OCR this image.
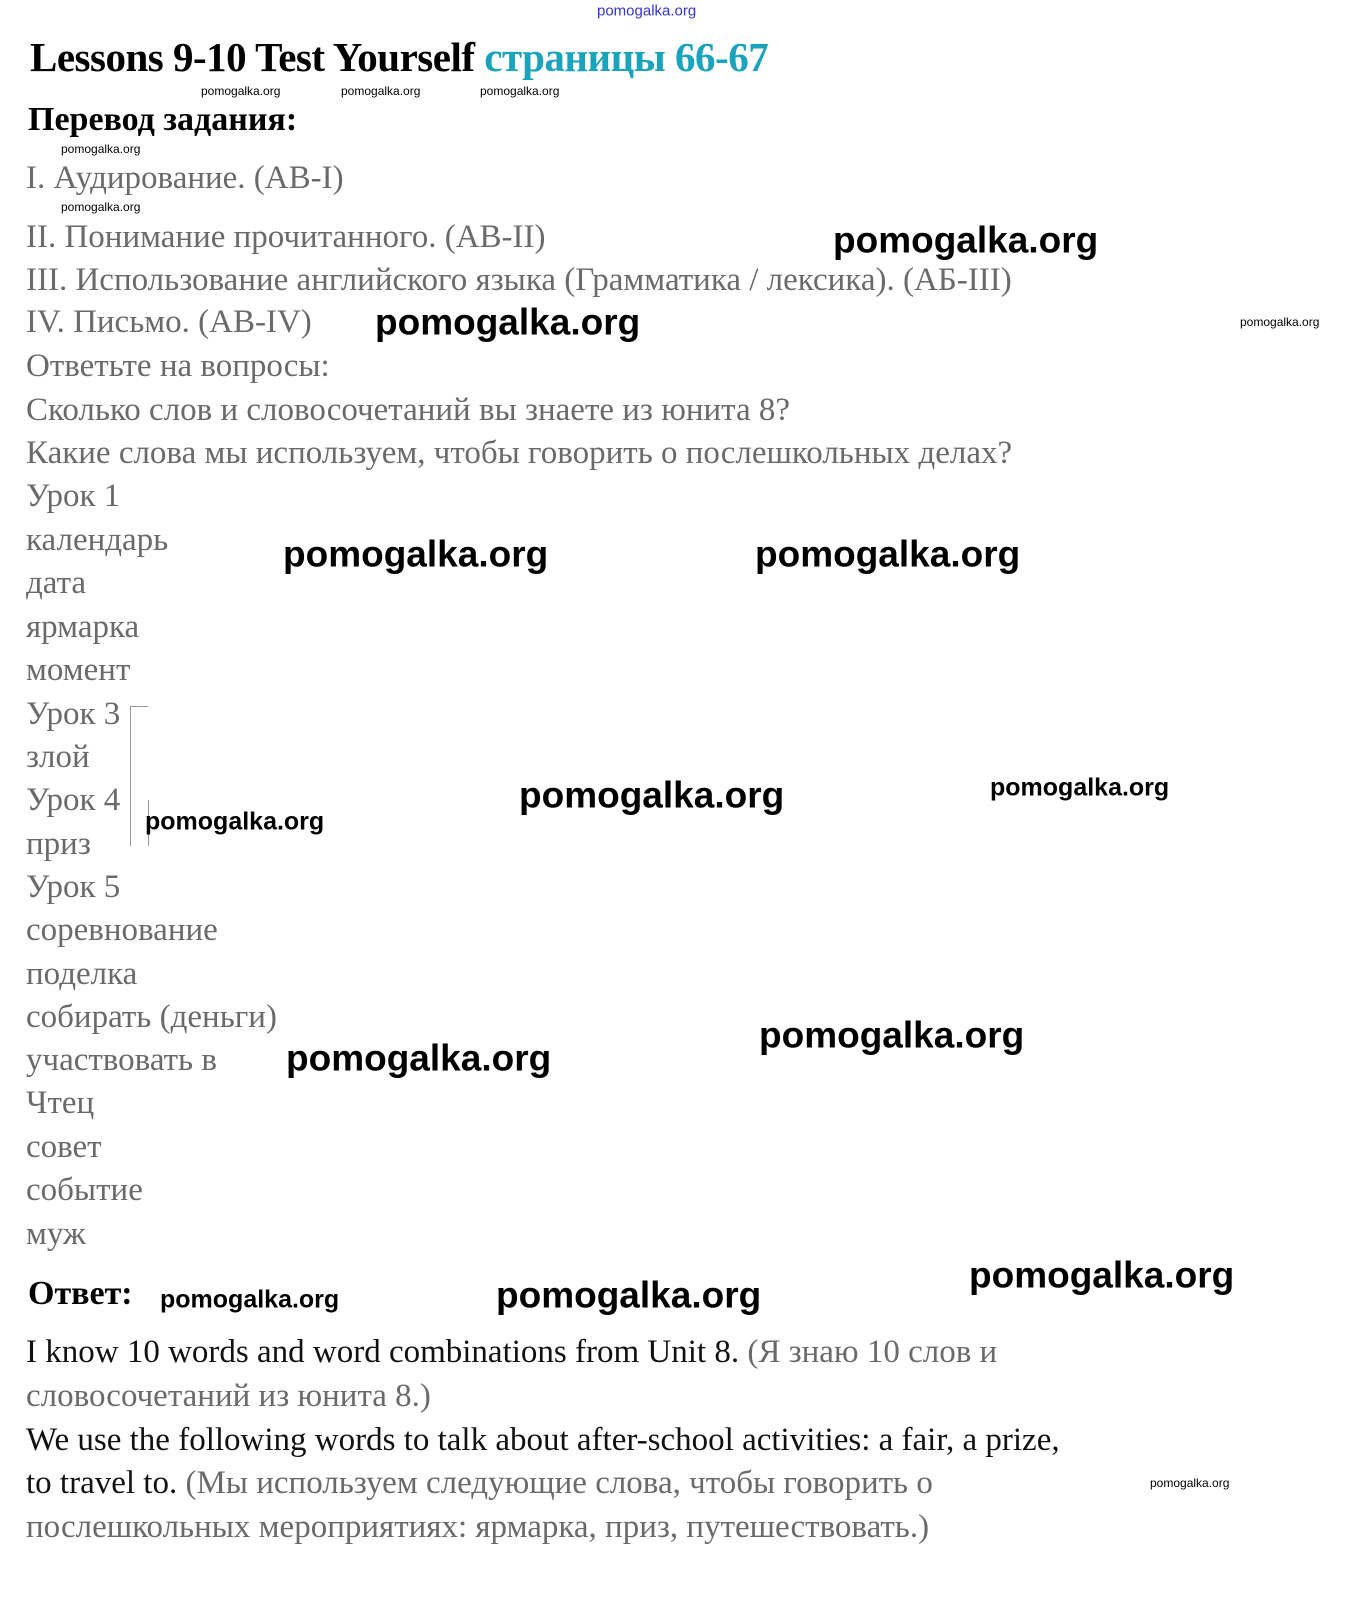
pomogalka.org
Lessons 9-10 Test Yourself страницы 66-67
Перевод задания:
Ответ:
I. Аудирование. (АВ-I)
II. Понимание прочитанного. (AB-II)
III. Использование английского языка (Грамматика / лексика). (АБ-III)
IV. Письмо. (AB-IV)
Ответьте на вопросы:
Сколько слов и словосочетаний вы знаете из юнита 8?
Какие слова мы используем, чтобы говорить о послешкольных делах?
Урок 1
календарь
дата
ярмарка
момент
Урок 3
злой
Урок 4
приз
Урок 5
соревнование
поделка
собирать (деньги)
участвовать в
Чтец
совет
событие
муж
I know 10 words and word combinations from Unit 8. (Я знаю 10 слов и
словосочетаний из юнита 8.)
We use the following words to talk about after-school activities: a fair, a prize,
to travel to. (Мы используем следующие слова, чтобы говорить о
послешкольных мероприятиях: ярмарка, приз, путешествовать.)
pomogalka.org
pomogalka.org
pomogalka.org	pomogalka.org
pomogalka.org	pomogalka.org
pomogalka.org
pomogalka.org
pomogalka.org
pomogalka.org	pomogalka.org
pomogalka.org
pomogalka.org	pomogalka.org	pomogalka.org
pomogalka.org
pomogalka.org
pomogalka.org
pomogalka.org
